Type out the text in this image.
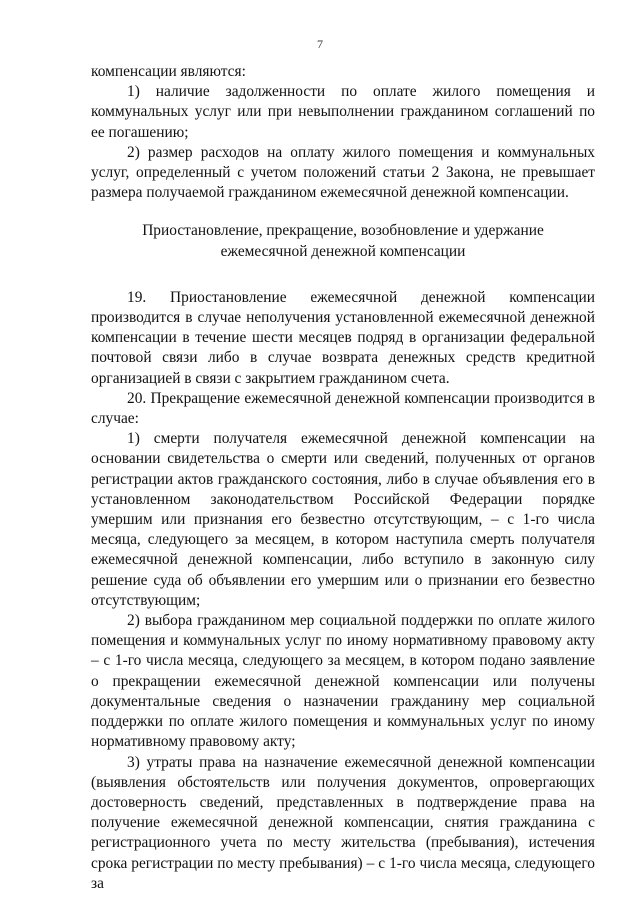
7

компенсации являются:

1) наличие задолженности по оплате жилого помещения и коммунальных услуг или при невыполнении гражданином соглашений по ее погашению;

2) размер расходов на оплату жилого помещения и коммунальных услуг, определенный с учетом положений статьи 2 Закона, не превышает размера получаемой гражданином ежемесячной денежной компенсации.

Приостановление, прекращение, возобновление и удержание ежемесячной денежной компенсации

19. Приостановление ежемесячной денежной компенсации производится в случае неполучения установленной ежемесячной денежной компенсации в течение шести месяцев подряд в организации федеральной почтовой связи либо в случае возврата денежных средств кредитной организацией в связи с закрытием гражданином счета.

20. Прекращение ежемесячной денежной компенсации производится в случае:

1) смерти получателя ежемесячной денежной компенсации на основании свидетельства о смерти или сведений, полученных от органов регистрации актов гражданского состояния, либо в случае объявления его в установленном законодательством Российской Федерации порядке умершим или признания его безвестно отсутствующим, – с 1-го числа месяца, следующего за месяцем, в котором наступила смерть получателя ежемесячной денежной компенсации, либо вступило в законную силу решение суда об объявлении его умершим или о признании его безвестно отсутствующим;

2) выбора гражданином мер социальной поддержки по оплате жилого помещения и коммунальных услуг по иному нормативному правовому акту – с 1-го числа месяца, следующего за месяцем, в котором подано заявление о прекращении ежемесячной денежной компенсации или получены документальные сведения о назначении гражданину мер социальной поддержки по оплате жилого помещения и коммунальных услуг по иному нормативному правовому акту;

3) утраты права на назначение ежемесячной денежной компенсации (выявления обстоятельств или получения документов, опровергающих достоверность сведений, представленных в подтверждение права на получение ежемесячной денежной компенсации, снятия гражданина с регистрационного учета по месту жительства (пребывания), истечения срока регистрации по месту пребывания) – с 1-го числа месяца, следующего за
